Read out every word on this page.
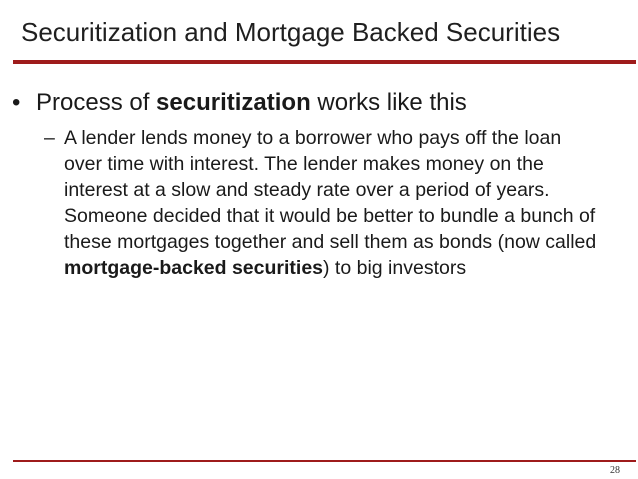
Securitization and Mortgage Backed Securities
• Process of securitization works like this
– A lender lends money to a borrower who pays off the loan over time with interest. The lender makes money on the interest at a slow and steady rate over a period of years. Someone decided that it would be better to bundle a bunch of these mortgages together and sell them as bonds (now called mortgage-backed securities) to big investors
28
